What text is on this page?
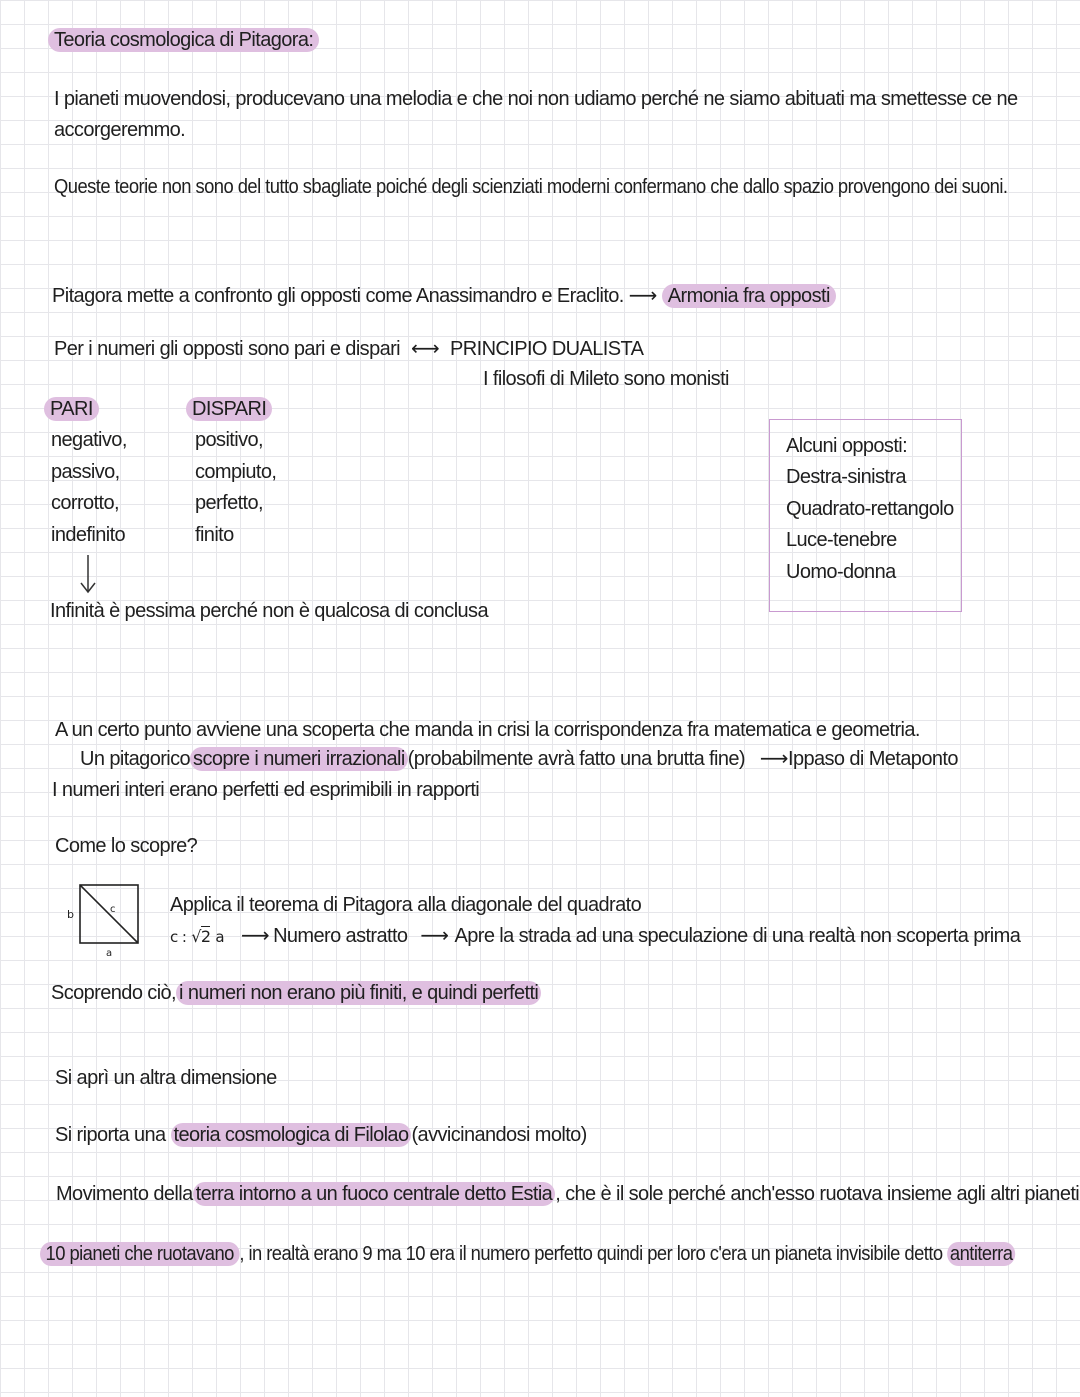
Teoria cosmologica di Pitagora:
I pianeti muovendosi, producevano una melodia e che noi non udiamo perché ne siamo abituati ma smettesse ce ne accorgeremmo.
Queste teorie non sono del tutto sbagliate poiché degli scienziati moderni confermano che dallo spazio provengono dei suoni.
Pitagora mette a confronto gli opposti come Anassimandro e Eraclito. ⟶ Armonia fra opposti
Per i numeri gli opposti sono pari e dispari ⟷ PRINCIPIO DUALISTA
I filosofi di Mileto sono monisti
PARI
negativo,
passivo,
corrotto,
indefinito
DISPARI
positivo,
compiuto,
perfetto,
finito
Infinità è pessima perché non è qualcosa di conclusa
Alcuni opposti:
Destra-sinistra
Quadrato-rettangolo
Luce-tenebre
Uomo-donna
A un certo punto avviene una scoperta che manda in crisi la corrispondenza fra matematica e geometria.
Un pitagorico scopre i numeri irrazionali (probabilmente avrà fatto una brutta fine) ⟶Ippaso di Metaponto
I numeri interi erano perfetti ed esprimibili in rapporti
Come lo scopre?
b	c
a
Applica il teorema di Pitagora alla diagonale del quadrato
c : √2 a ⟶ Numero astratto ⟶ Apre la strada ad una speculazione di una realtà non scoperta prima
Scoprendo ciò, i numeri non erano più finiti, e quindi perfetti
Si aprì un altra dimensione
Si riporta una teoria cosmologica di Filolao (avvicinandosi molto)
Movimento della terra intorno a un fuoco centrale detto Estia , che è il sole perché anch'esso ruotava insieme agli altri pianeti
10 pianeti che ruotavano , in realtà erano 9 ma 10 era il numero perfetto quindi per loro c'era un pianeta invisibile detto antiterra
